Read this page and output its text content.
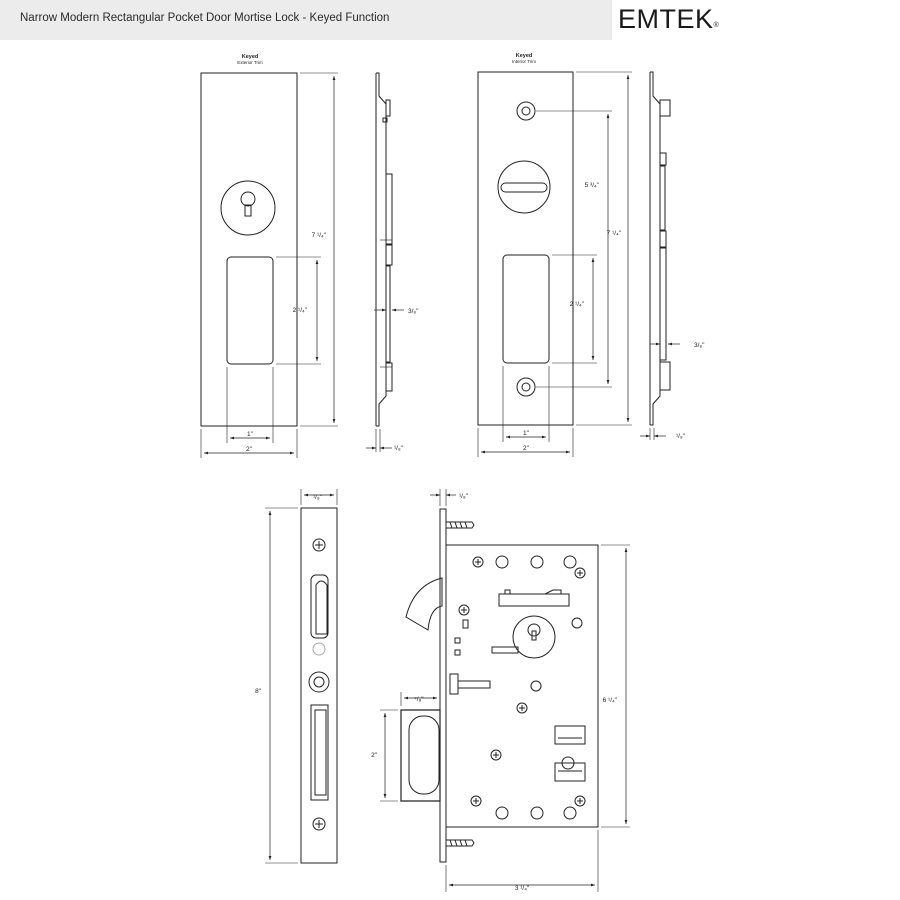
Narrow Modern Rectangular Pocket Door Mortise Lock - Keyed Function	EMTEK®
Keyed
Exterior Trim
7 ¹/₄"
2 ¹/₄"
1"
2"	¹/₈"
3/₈"
Keyed
Interior Trim
5 ³/₄"
7 ¹/₄"
2 ¹/₄"
1"
2"
¹/₈"
3/₈"
¹/₈"
8"
¹/₈"
⁷/₈"
2"
6 ¹/₄"
3 ¹/₄"
